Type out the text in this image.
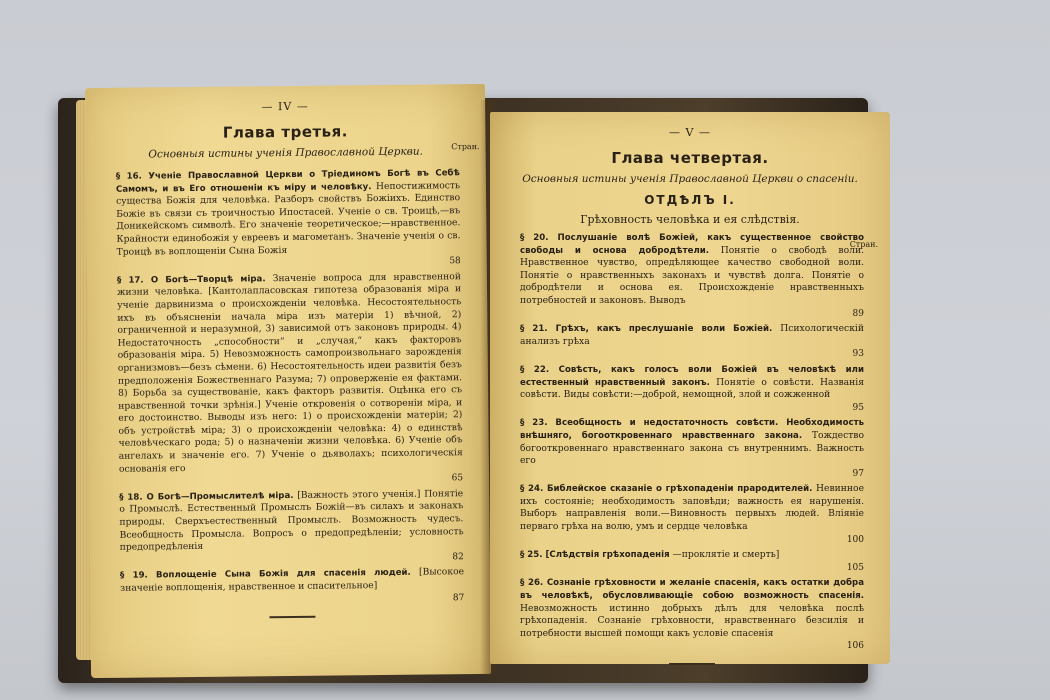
— IV —
Глава третья.
Основныя истины ученія Православной Церкви.	Стран.
§ 16. Ученіе Православной Церкви о Тріединомъ Богѣ въ Себѣ Самомъ, и въ Его отношеніи къ міру и человѣку. Непостижимость существа Божія для человѣка. Разборъ свойствъ Божіихъ. Единство Божіе въ связи съ троичностью Ипостасей. Ученіе о св. Троицѣ,—въ Доникейскомъ символѣ. Его значеніе теоретическое;—нравственное. Крайности единобожія у евреевъ и магометанъ. Значеніе ученія о св. Троицѣ въ воплощеніи Сына Божія
58
§ 17. О Богѣ—Творцѣ міра. Значеніе вопроса для нравственной жизни человѣка. [Кантолапласовская гипотеза образованія міра и ученіе дарвинизма о происхожденіи человѣка. Несостоятельность ихъ въ объясненіи начала міра изъ матеріи 1) вѣчной, 2) ограниченной и неразумной, 3) зависимой отъ законовъ природы. 4) Недостаточность „способности“ и „случая,“ какъ факторовъ образованія міра. 5) Невозможность самопроизвольнаго зарожденія организмовъ—безъ сѣмени. 6) Несостоятельность идеи развитія безъ предположенія Божественнаго Разума; 7) опроверженіе ея фактами. 8) Борьба за существованіе, какъ факторъ развитія. Оцѣнка его съ нравственной точки зрѣнія.] Ученіе откровенія о сотвореніи міра, и его достоинство. Выводы изъ него: 1) о происхожденіи матеріи; 2) объ устройствѣ міра; 3) о происхожденіи человѣка: 4) о единствѣ человѣческаго рода; 5) о назначеніи жизни человѣка. 6) Ученіе объ ангелахъ и значеніе его. 7) Ученіе о дьяволахъ; психологическія основанія его
65
§ 18. О Богѣ—Промыслителѣ міра. [Важность этого ученія.] Понятіе о Промыслѣ. Естественный Промыслъ Божій—въ силахъ и законахъ природы. Сверхъестественный Промыслъ. Возможность чудесъ. Всеобщность Промысла. Вопросъ о предопредѣленіи; условность предопредѣленія
82
§ 19. Воплощеніе Сына Божія для спасенія людей. [Высокое значеніе воплощенія, нравственное и спасительное]
87
— V —
Глава четвертая.
Основныя истины ученія Православной Церкви о спасеніи.
ОТДѢЛЪ I.
Грѣховность человѣка и ея слѣдствія.
Стран.
§ 20. Послушаніе волѣ Божіей, какъ существенное свойство свободы и основа добродѣтели. Понятіе о свободѣ воли. Нравственное чувство, опредѣляющее качество свободной воли. Понятіе о нравственныхъ законахъ и чувствѣ долга. Понятіе о добродѣтели и основа ея. Происхожденіе нравственныхъ потребностей и законовъ. Выводъ
89
§ 21. Грѣхъ, какъ преслушаніе воли Божіей. Психологическій анализъ грѣха
93
§ 22. Совѣсть, какъ голосъ воли Божіей въ человѣкѣ или естественный нравственный законъ. Понятіе о совѣсти. Названія совѣсти. Виды совѣсти:—доброй, немощной, злой и сожженной
95
§ 23. Всеобщность и недостаточность совѣсти. Необходимость внѣшняго, богооткровеннаго нравственнаго закона. Тождество богооткровеннаго нравственнаго закона съ внутреннимъ. Важность его
97
§ 24. Библейское сказаніе о грѣхопаденіи прародителей. Невинное ихъ состояніе; необходимость заповѣди; важность ея нарушенія. Выборъ направленія воли.—Виновность первыхъ людей. Вліяніе перваго грѣха на волю, умъ и сердце человѣка
100
§ 25. [Слѣдствія грѣхопаденія —проклятіе и смерть]
105
§ 26. Сознаніе грѣховности и желаніе спасенія, какъ остатки добра въ человѣкѣ, обусловливающіе собою возможность спасенія. Невозможность истинно добрыхъ дѣлъ для человѣка послѣ грѣхопаденія. Сознаніе грѣховности, нравственнаго безсилія и потребности высшей помощи какъ условіе спасенія
106
